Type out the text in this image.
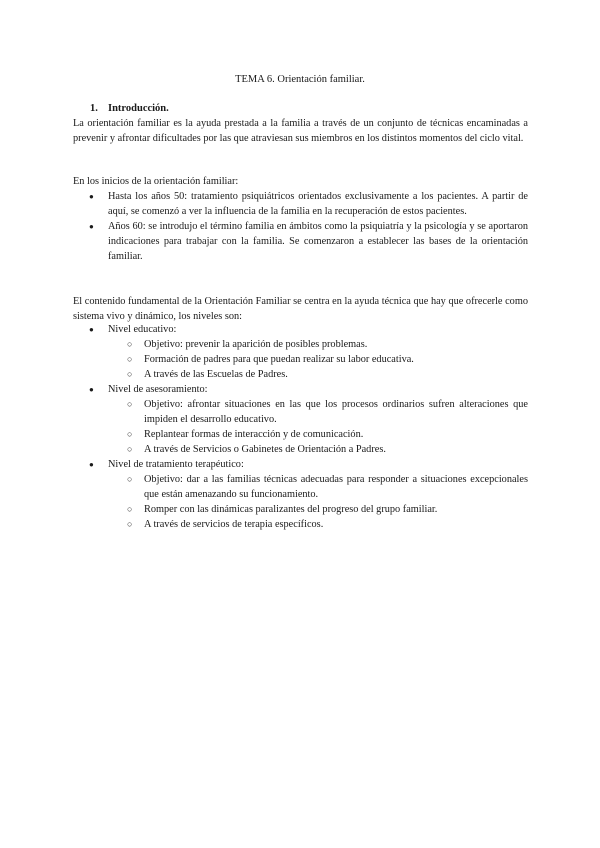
TEMA 6. Orientación familiar.
1. Introducción.
La orientación familiar es la ayuda prestada a la familia a través de un conjunto de técnicas encaminadas a prevenir y afrontar dificultades por las que atraviesan sus miembros en los distintos momentos del ciclo vital.
En los inicios de la orientación familiar:
● Hasta los años 50: tratamiento psiquiátricos orientados exclusivamente a los pacientes. A partir de aquí, se comenzó a ver la influencia de la familia en la recuperación de estos pacientes.
● Años 60: se introdujo el término familia en ámbitos como la psiquiatría y la psicología y se aportaron indicaciones para trabajar con la familia. Se comenzaron a establecer las bases de la orientación familiar.
El contenido fundamental de la Orientación Familiar se centra en la ayuda técnica que hay que ofrecerle como sistema vivo y dinámico, los niveles son:
● Nivel educativo:
○ Objetivo: prevenir la aparición de posibles problemas.
○ Formación de padres para que puedan realizar su labor educativa.
○ A través de las Escuelas de Padres.
● Nivel de asesoramiento:
○ Objetivo: afrontar situaciones en las que los procesos ordinarios sufren alteraciones que impiden el desarrollo educativo.
○ Replantear formas de interacción y de comunicación.
○ A través de Servicios o Gabinetes de Orientación a Padres.
● Nivel de tratamiento terapéutico:
○ Objetivo: dar a las familias técnicas adecuadas para responder a situaciones excepcionales que están amenazando su funcionamiento.
○ Romper con las dinámicas paralizantes del progreso del grupo familiar.
○ A través de servicios de terapia específicos.
